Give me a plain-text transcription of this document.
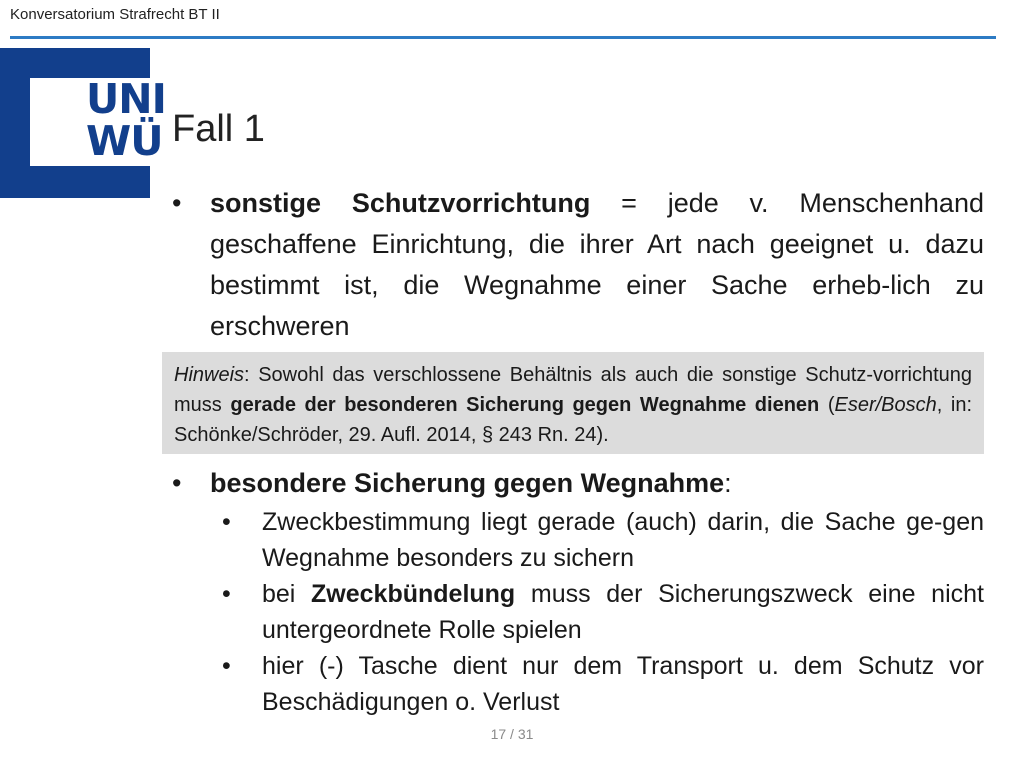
Konversatorium Strafrecht BT II
UNI
WÜ Fall 1
• sonstige Schutzvorrichtung = jede v. Menschenhand geschaffene Einrichtung, die ihrer Art nach geeignet u. dazu bestimmt ist, die Wegnahme einer Sache erheb-lich zu erschweren
Hinweis: Sowohl das verschlossene Behältnis als auch die sonstige Schutz-vorrichtung muss gerade der besonderen Sicherung gegen Wegnahme dienen (Eser/Bosch, in: Schönke/Schröder, 29. Aufl. 2014, § 243 Rn. 24).
• besondere Sicherung gegen Wegnahme:
• Zweckbestimmung liegt gerade (auch) darin, die Sache ge-gen Wegnahme besonders zu sichern
• bei Zweckbündelung muss der Sicherungszweck eine nicht untergeordnete Rolle spielen
• hier (-) Tasche dient nur dem Transport u. dem Schutz vor Beschädigungen o. Verlust
17 / 31
